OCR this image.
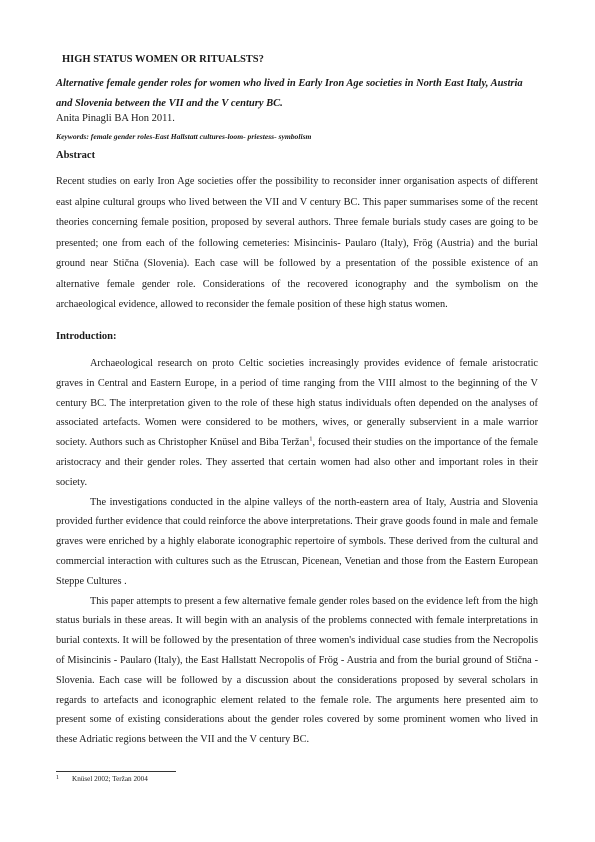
HIGH STATUS WOMEN OR RITUALSTS?
Alternative female gender roles for women who lived in Early Iron Age societies in North East Italy, Austria and Slovenia between the VII and the V century BC.
Anita Pinagli BA Hon 2011.
Keywords: female gender roles-East Hallstatt cultures-loom- priestess- symbolism
Abstract
Recent studies on early Iron Age societies offer the possibility to reconsider inner organisation aspects of different east alpine cultural groups who lived between the VII and V century BC. This paper summarises some of the recent theories concerning female position, proposed by several authors. Three female burials study cases are going to be presented; one from each of the following cemeteries: Misincinis- Paularo (Italy), Frög (Austria) and the burial ground near Stična (Slovenia). Each case will be followed by a presentation of the possible existence of an alternative female gender role. Considerations of the recovered iconography and the symbolism on the archaeological evidence, allowed to reconsider the female position of these high status women.
Introduction:

Archaeological research on proto Celtic societies increasingly provides evidence of female aristocratic graves in Central and Eastern Europe, in a period of time ranging from the VIII almost to the beginning of the V century BC. The interpretation given to the role of these high status individuals often depended on the analyses of associated artefacts. Women were considered to be mothers, wives, or generally subservient in a male warrior society. Authors such as Christopher Knüsel and Biba Teržan$^1$, focused their studies on the importance of the female aristocracy and their gender roles. They asserted that certain women had also other and important roles in their society.

The investigations conducted in the alpine valleys of the north-eastern area of Italy, Austria and Slovenia provided further evidence that could reinforce the above interpretations. Their grave goods found in male and female graves were enriched by a highly elaborate iconographic repertoire of symbols. These derived from the cultural and commercial interaction with cultures such as the Etruscan, Picenean, Venetian and those from the Eastern European Steppe Cultures .

This paper attempts to present a few alternative female gender roles based on the evidence left from the high status burials in these areas. It will begin with an analysis of the problems connected with female interpretations in burial contexts. It will be followed by the presentation of three women's individual case studies from the Necropolis of Misincinis - Paularo (Italy), the East Hallstatt Necropolis of Frög - Austria and from the burial ground of Stična - Slovenia. Each case will be followed by a discussion about the considerations proposed by several scholars in regards to artefacts and iconographic element related to the female role. The arguments here presented aim to present some of existing considerations about the gender roles covered by some prominent women who lived in these Adriatic regions between the VII and the V century BC.

1 Knüsel 2002; Teržan 2004
